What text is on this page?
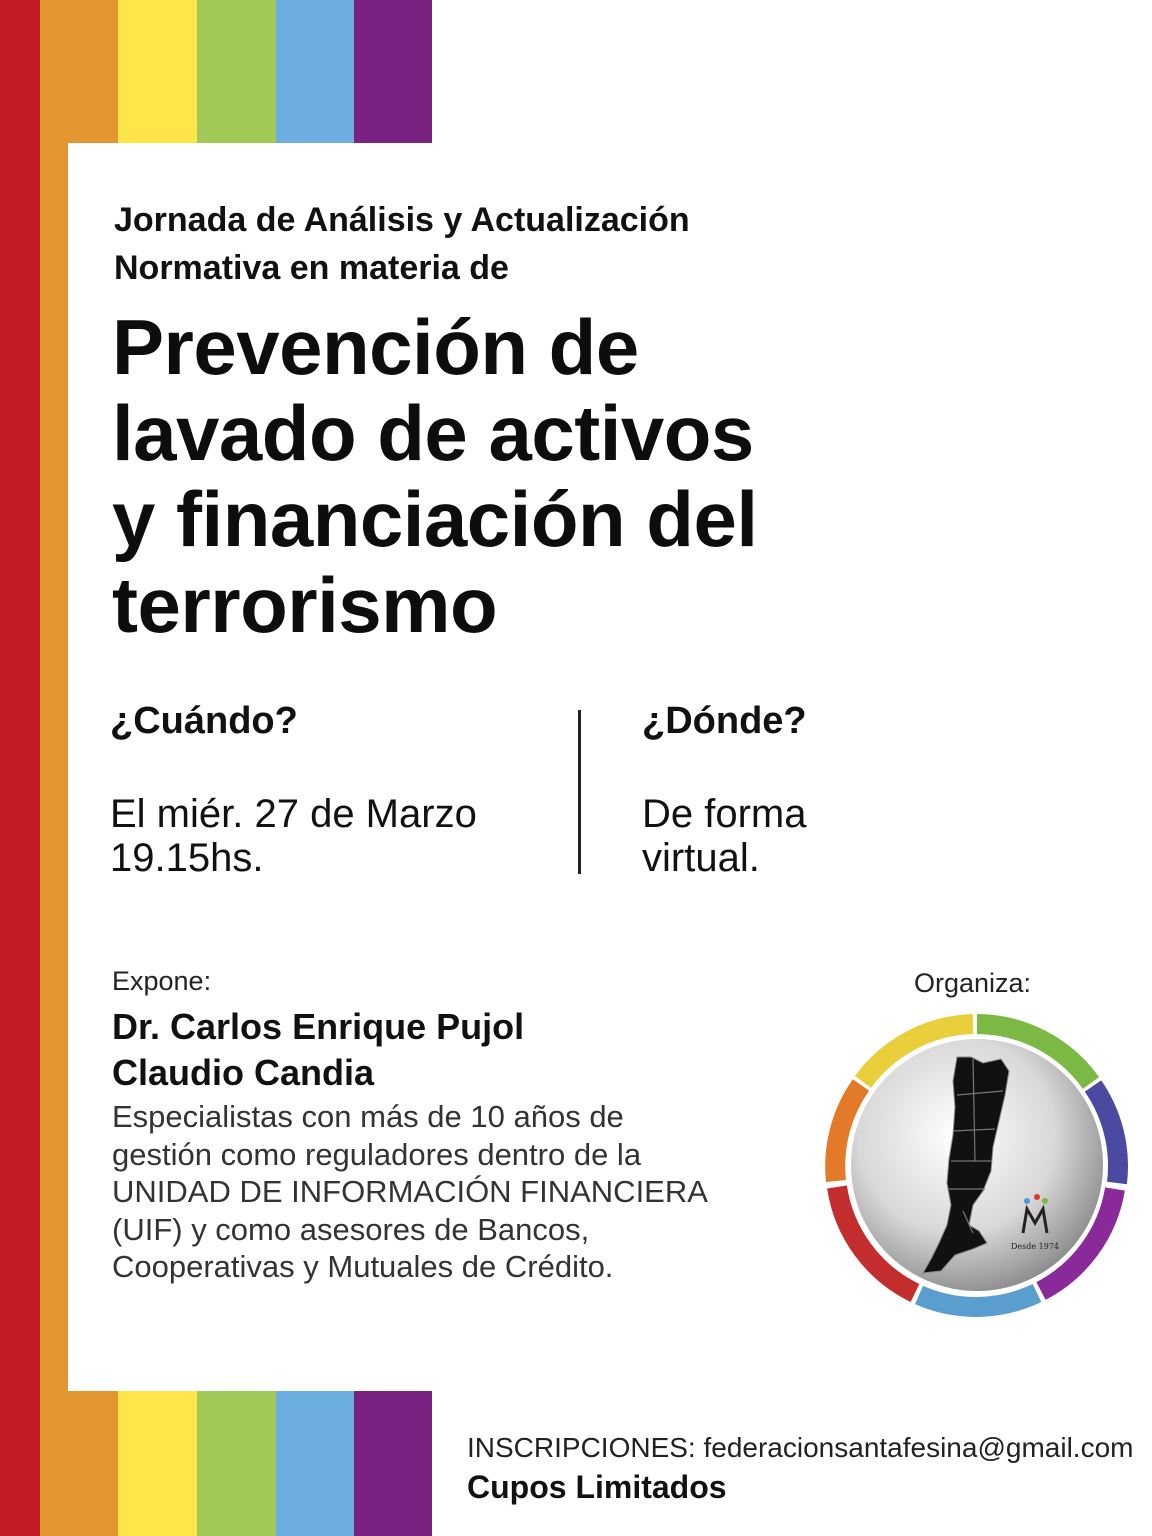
Jornada de Análisis y Actualización
Normativa en materia de
Prevención de
lavado de activos
y financiación del
terrorismo
¿Cuándo?
El miér. 27 de Marzo
19.15hs.
¿Dónde?
De forma
virtual.
Expone:
Dr. Carlos Enrique Pujol
Claudio Candia
Especialistas con más de 10 años de
gestión como reguladores dentro de la
UNIDAD DE INFORMACIÓN FINANCIERA
(UIF) y como asesores de Bancos,
Cooperativas y Mutuales de Crédito.
Organiza:
Desde 1974
INSCRIPCIONES: federacionsantafesina@gmail.com
Cupos Limitados
